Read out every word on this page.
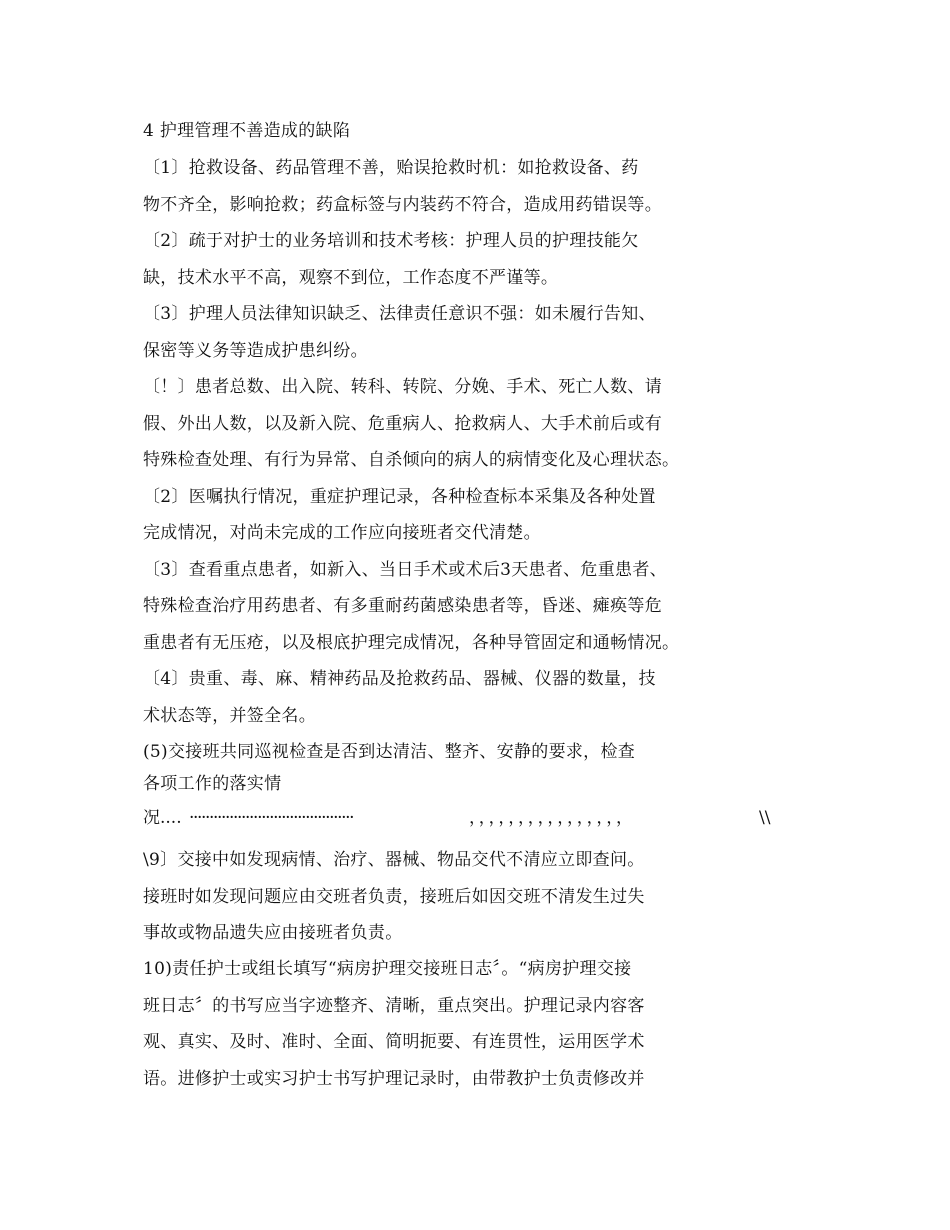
4 护理管理不善造成的缺陷
〔1〕抢救设备、药品管理不善，贻误抢救时机：如抢救设备、药
物不齐全，影响抢救；药盒标签与内装药不符合，造成用药错误等。
〔2〕疏于对护士的业务培训和技术考核：护理人员的护理技能欠
缺，技术水平不高，观察不到位，工作态度不严谨等。
〔3〕护理人员法律知识缺乏、法律责任意识不强：如未履行告知、
保密等义务等造成护患纠纷。
〔！〕患者总数、出入院、转科、转院、分娩、手术、死亡人数、请
假、外出人数，以及新入院、危重病人、抢救病人、大手术前后或有
特殊检查处理、有行为异常、自杀倾向的病人的病情变化及心理状态。
〔2〕医嘱执行情况，重症护理记录，各种检查标本采集及各种处置
完成情况，对尚未完成的工作应向接班者交代清楚。
〔3〕查看重点患者，如新入、当日手术或术后3天患者、危重患者、
特殊检查治疗用药患者、有多重耐药菌感染患者等，昏迷、瘫痪等危
重患者有无压疮，以及根底护理完成情况，各种导管固定和通畅情况。
〔4〕贵重、毒、麻、精神药品及抢救药品、器械、仪器的数量，技
术状态等，并签全名。
(5)交接班共同巡视检查是否到达清洁、整齐、安静的要求，检查
各项工作的落实情
况.... ·········································	，，，，，，，，，，，，，，，，	\\
\9〕交接中如发现病情、治疗、器械、物品交代不清应立即查问。
接班时如发现问题应由交班者负责，接班后如因交班不清发生过失
事故或物品遗失应由接班者负责。
10)责任护士或组长填写“病房护理交接班日志〞。“病房护理交接
班日志〞的书写应当字迹整齐、清晰，重点突出。护理记录内容客
观、真实、及时、准时、全面、简明扼要、有连贯性，运用医学术
语。进修护士或实习护士书写护理记录时，由带教护士负责修改并
